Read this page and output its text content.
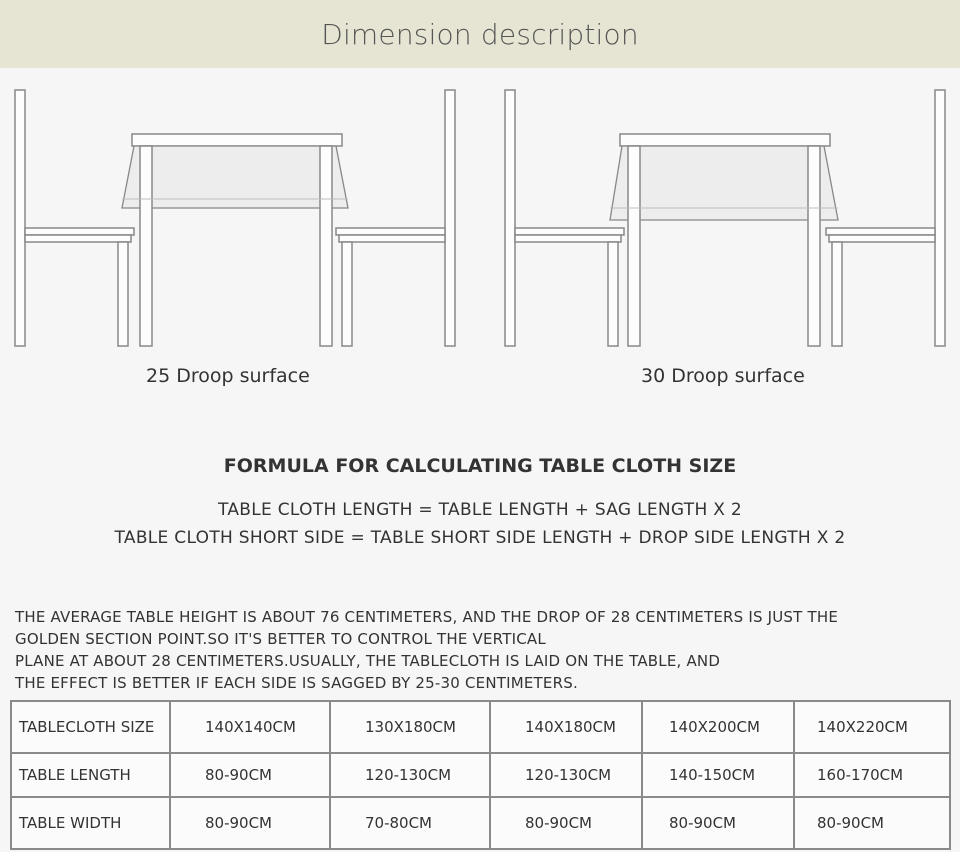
Dimension description
25 Droop surface	30 Droop surface
FORMULA FOR CALCULATING TABLE CLOTH SIZE
TABLE CLOTH LENGTH = TABLE LENGTH + SAG LENGTH X 2
TABLE CLOTH SHORT SIDE = TABLE SHORT SIDE LENGTH + DROP SIDE LENGTH X 2
THE AVERAGE TABLE HEIGHT IS ABOUT 76 CENTIMETERS, AND THE DROP OF 28 CENTIMETERS IS JUST THE
GOLDEN SECTION POINT.SO IT'S BETTER TO CONTROL THE VERTICAL
PLANE AT ABOUT 28 CENTIMETERS.USUALLY, THE TABLECLOTH IS LAID ON THE TABLE, AND
THE EFFECT IS BETTER IF EACH SIDE IS SAGGED BY 25-30 CENTIMETERS.
TABLECLOTH SIZE	140X140CM	130X180CM	140X180CM	140X200CM	140X220CM
TABLE LENGTH	80-90CM	120-130CM	120-130CM	140-150CM	160-170CM
TABLE WIDTH	80-90CM	70-80CM	80-90CM	80-90CM	80-90CM
